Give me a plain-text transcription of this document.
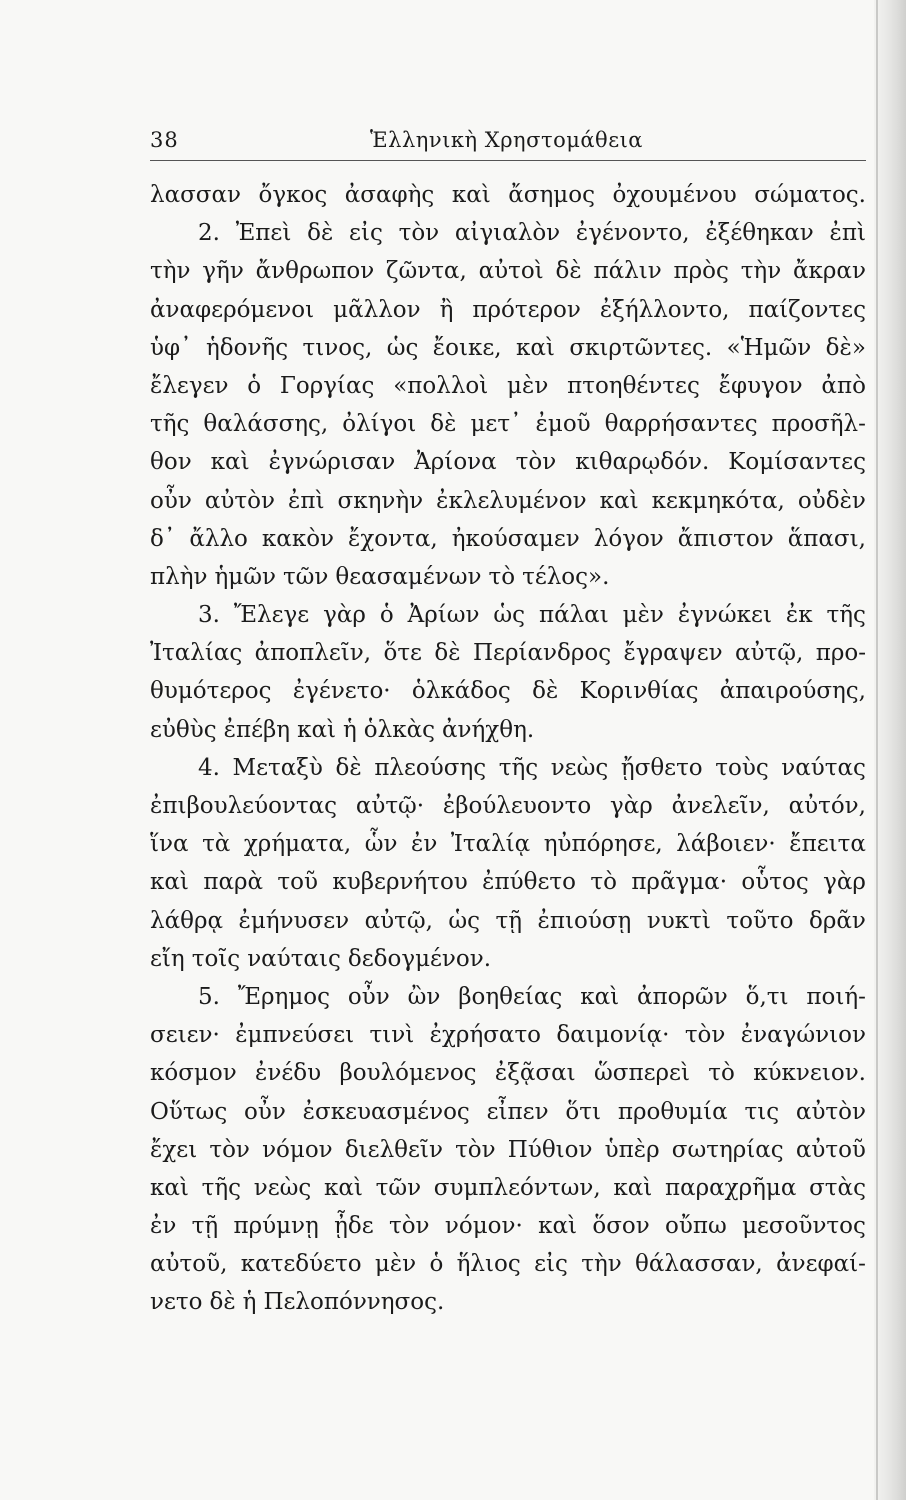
38	Ἑλληνικὴ Χρηστομάθεια
λασσαν ὄγκος ἀσαφὴς καὶ ἄσημος ὀχουμένου σώματος.
2. Ἐπεὶ δὲ εἰς τὸν αἰγιαλὸν ἐγένοντο, ἐξέθηκαν ἐπὶ
τὴν γῆν ἄνθρωπον ζῶντα, αὐτοὶ δὲ πάλιν πρὸς τὴν ἄκραν
ἀναφερόμενοι μᾶλλον ἢ πρότερον ἐξήλλοντο, παίζοντες
ὑφ᾿ ἡδονῆς τινος, ὡς ἔοικε, καὶ σκιρτῶντες. «Ἡμῶν δὲ»
ἔλεγεν ὁ Γοργίας «πολλοὶ μὲν πτοηθέντες ἔφυγον ἀπὸ
τῆς θαλάσσης, ὀλίγοι δὲ μετ᾿ ἐμοῦ θαρρήσαντες προσῆλ-
θον καὶ ἐγνώρισαν Ἀρίονα τὸν κιθαρῳδόν. Κομίσαντες
οὖν αὐτὸν ἐπὶ σκηνὴν ἐκλελυμένον καὶ κεκμηκότα, οὐδὲν
δ᾿ ἄλλο κακὸν ἔχοντα, ἠκούσαμεν λόγον ἄπιστον ἅπασι,
πλὴν ἡμῶν τῶν θεασαμένων τὸ τέλος».
3. Ἔλεγε γὰρ ὁ Ἀρίων ὡς πάλαι μὲν ἐγνώκει ἐκ τῆς
Ἰταλίας ἀποπλεῖν, ὅτε δὲ Περίανδρος ἔγραψεν αὐτῷ, προ-
θυμότερος ἐγένετο· ὁλκάδος δὲ Κορινθίας ἀπαιρούσης,
εὐθὺς ἐπέβη καὶ ἡ ὁλκὰς ἀνήχθη.
4. Μεταξὺ δὲ πλεούσης τῆς νεὼς ᾔσθετο τοὺς ναύτας
ἐπιβουλεύοντας αὐτῷ· ἐβούλευοντο γὰρ ἀνελεῖν, αὐτόν,
ἵνα τὰ χρήματα, ὧν ἐν Ἰταλίᾳ ηὐπόρησε, λάβοιεν· ἔπειτα
καὶ παρὰ τοῦ κυβερνήτου ἐπύθετο τὸ πρᾶγμα· οὗτος γὰρ
λάθρᾳ ἐμήνυσεν αὐτῷ, ὡς τῇ ἐπιούσῃ νυκτὶ τοῦτο δρᾶν
εἴη τοῖς ναύταις δεδογμένον.
5. Ἔρημος οὖν ὢν βοηθείας καὶ ἀπορῶν ὅ,τι ποιή-
σειεν· ἐμπνεύσει τινὶ ἐχρήσατο δαιμονίᾳ· τὸν ἐναγώνιον
κόσμον ἐνέδυ βουλόμενος ἐξᾷσαι ὥσπερεὶ τὸ κύκνειον.
Οὕτως οὖν ἐσκευασμένος εἶπεν ὅτι προθυμία τις αὐτὸν
ἔχει τὸν νόμον διελθεῖν τὸν Πύθιον ὑπὲρ σωτηρίας αὐτοῦ
καὶ τῆς νεὼς καὶ τῶν συμπλεόντων, καὶ παραχρῆμα στὰς
ἐν τῇ πρύμνῃ ᾖδε τὸν νόμον· καὶ ὅσον οὔπω μεσοῦντος
αὐτοῦ, κατεδύετο μὲν ὁ ἥλιος εἰς τὴν θάλασσαν, ἀνεφαί-
νετο δὲ ἡ Πελοπόννησος.
